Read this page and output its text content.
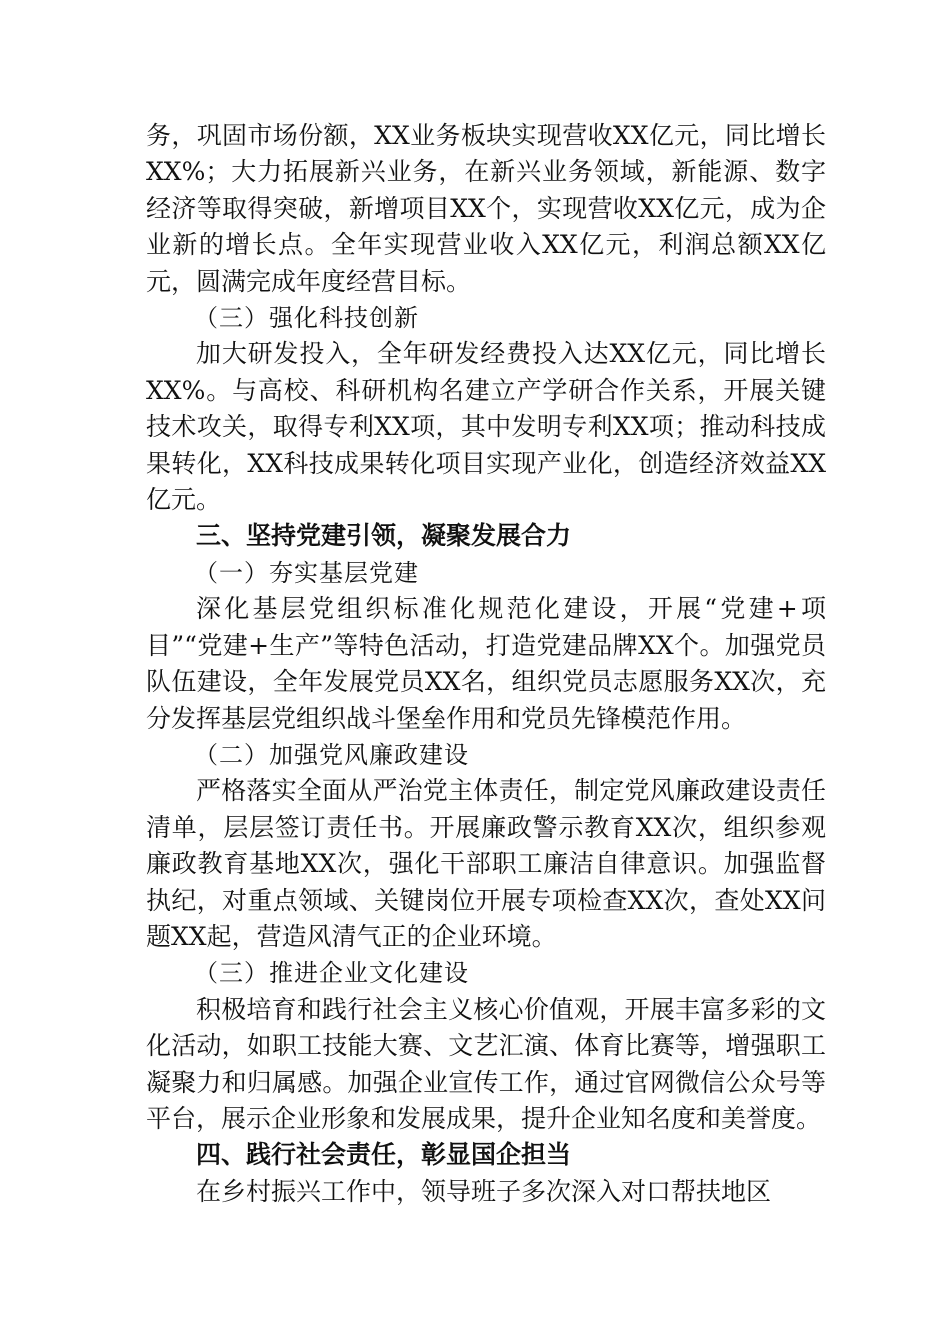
务，巩固市场份额，XX业务板块实现营收XX亿元，同比增长XX%；大力拓展新兴业务，在新兴业务领域，新能源、数字经济等取得突破，新增项目XX个，实现营收XX亿元，成为企业新的增长点。全年实现营业收入XX亿元，利润总额XX亿元，圆满完成年度经营目标。

（三）强化科技创新

加大研发投入，全年研发经费投入达XX亿元，同比增长XX%。与高校、科研机构名建立产学研合作关系，开展关键技术攻关，取得专利XX项，其中发明专利XX项；推动科技成果转化，XX科技成果转化项目实现产业化，创造经济效益XX亿元。

三、坚持党建引领，凝聚发展合力

（一）夯实基层党建

深化基层党组织标准化规范化建设，开展“党建+项目”“党建+生产”等特色活动，打造党建品牌XX个。加强党员队伍建设，全年发展党员XX名，组织党员志愿服务XX次，充分发挥基层党组织战斗堡垒作用和党员先锋模范作用。

（二）加强党风廉政建设

严格落实全面从严治党主体责任，制定党风廉政建设责任清单，层层签订责任书。开展廉政警示教育XX次，组织参观廉政教育基地XX次，强化干部职工廉洁自律意识。加强监督执纪，对重点领域、关键岗位开展专项检查XX次，查处XX问题XX起，营造风清气正的企业环境。

（三）推进企业文化建设

积极培育和践行社会主义核心价值观，开展丰富多彩的文化活动，如职工技能大赛、文艺汇演、体育比赛等，增强职工凝聚力和归属感。加强企业宣传工作，通过官网微信公众号等平台，展示企业形象和发展成果，提升企业知名度和美誉度。

四、践行社会责任，彰显国企担当

在乡村振兴工作中，领导班子多次深入对口帮扶地区
